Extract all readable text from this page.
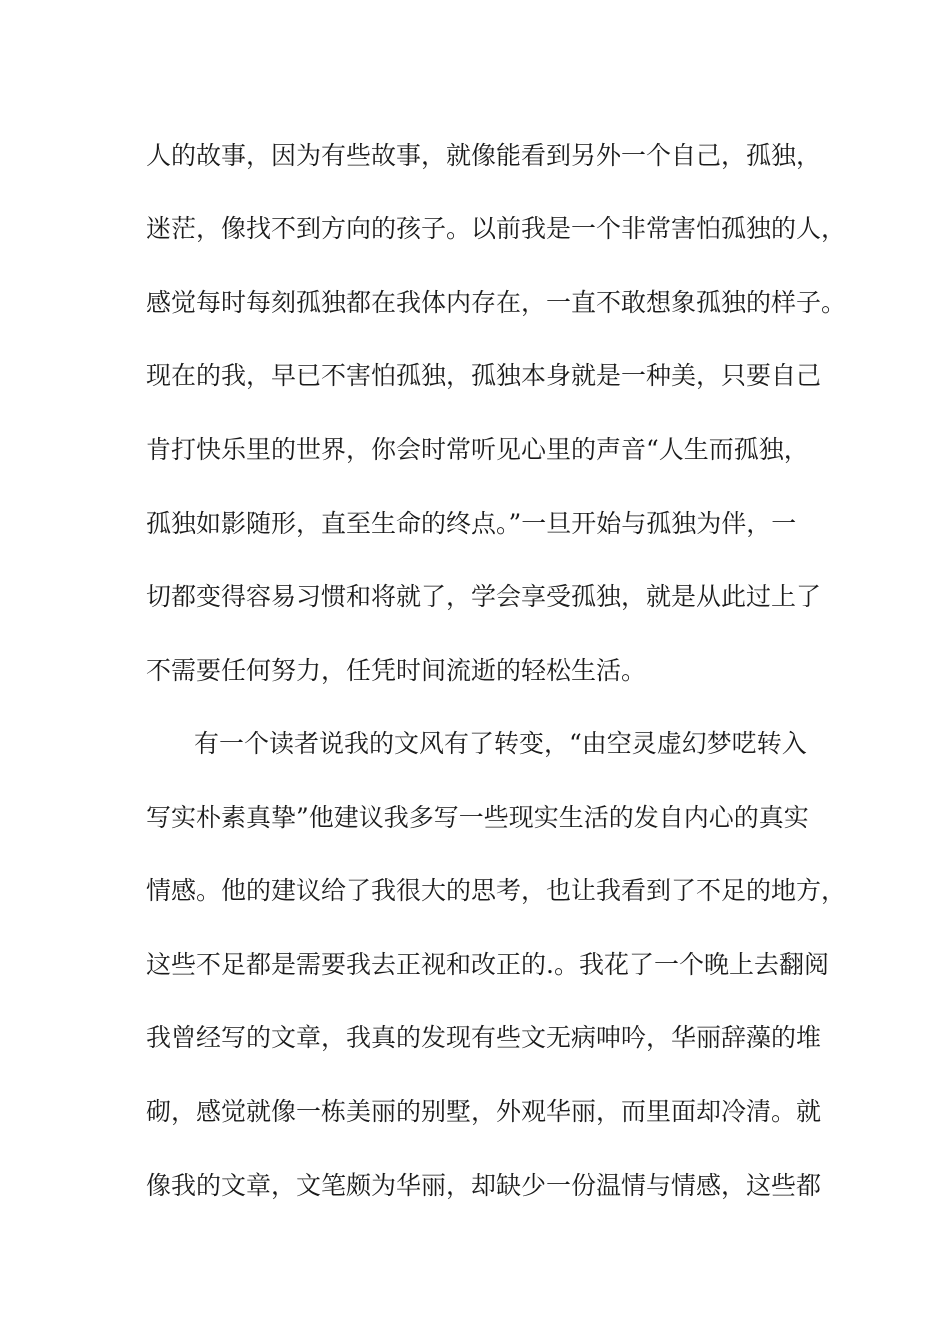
人的故事，因为有些故事，就像能看到另外一个自己，孤独，
迷茫，像找不到方向的孩子。以前我是一个非常害怕孤独的人，
感觉每时每刻孤独都在我体内存在，一直不敢想象孤独的样子。
现在的我，早已不害怕孤独，孤独本身就是一种美，只要自己
肯打快乐里的世界，你会时常听见心里的声音“人生而孤独，
孤独如影随形，直至生命的终点。”一旦开始与孤独为伴，一
切都变得容易习惯和将就了，学会享受孤独，就是从此过上了
不需要任何努力，任凭时间流逝的轻松生活。
有一个读者说我的文风有了转变，“由空灵虚幻梦呓转入
写实朴素真挚”他建议我多写一些现实生活的发自内心的真实
情感。他的建议给了我很大的思考，也让我看到了不足的地方，
这些不足都是需要我去正视和改正的.。我花了一个晚上去翻阅
我曾经写的文章，我真的发现有些文无病呻吟，华丽辞藻的堆
砌，感觉就像一栋美丽的别墅，外观华丽，而里面却冷清。就
像我的文章，文笔颇为华丽，却缺少一份温情与情感，这些都
